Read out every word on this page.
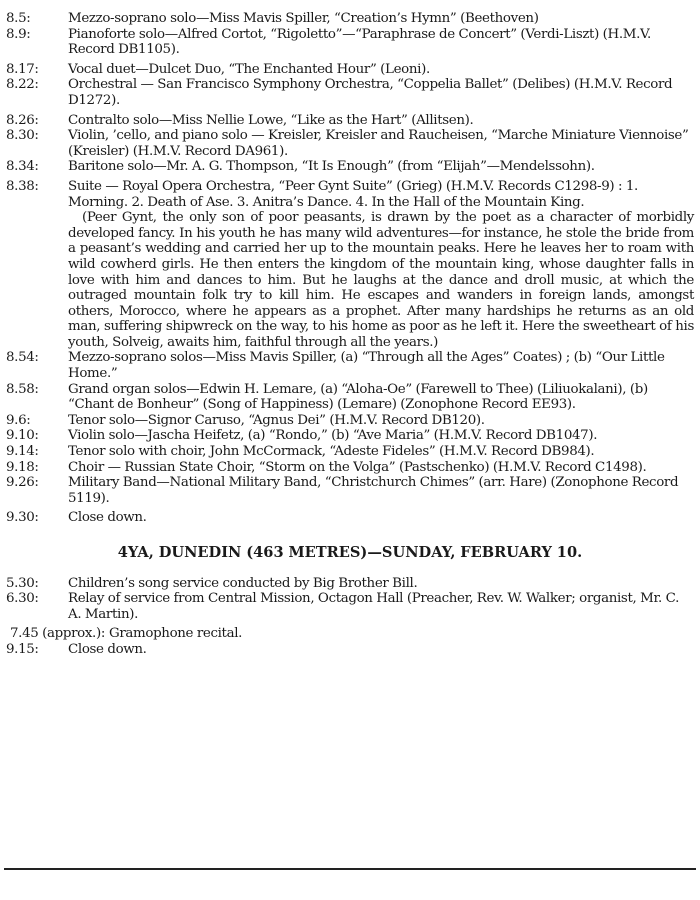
8.5:	Mezzo-soprano solo—Miss Mavis Spiller, “Creation’s Hymn” (Beethoven)

8.9:	Pianoforte solo—Alfred Cortot, “Rigoletto”—“Paraphrase de Concert” (Verdi-Liszt) (H.M.V. Record DB1105).

8.17:	Vocal duet—Dulcet Duo, “The Enchanted Hour” (Leoni).

8.22:	Orchestral — San Francisco Symphony Orchestra, “Coppelia Ballet” (Delibes) (H.M.V. Record D1272).

8.26:	Contralto solo—Miss Nellie Lowe, “Like as the Hart” (Allitsen).

8.30:	Violin, ’cello, and piano solo — Kreisler, Kreisler and Raucheisen, “Marche Miniature Viennoise” (Kreisler) (H.M.V. Record DA961).

8.34:	Baritone solo—Mr. A. G. Thompson, “It Is Enough” (from “Elijah”—Mendelssohn).

8.38:	Suite — Royal Opera Orchestra, “Peer Gynt Suite” (Grieg) (H.M.V. Records C1298-9) : 1. Morning. 2. Death of Ase. 3. Anitra’s Dance. 4. In the Hall of the Mountain King.
(Peer Gynt, the only son of poor peasants, is drawn by the poet as a character of morbidly developed fancy. In his youth he has many wild adventures—for instance, he stole the bride from a peasant’s wedding and carried her up to the mountain peaks. Here he leaves her to roam with wild cowherd girls. He then enters the kingdom of the mountain king, whose daughter falls in love with him and dances to him. But he laughs at the dance and droll music, at which the outraged mountain folk try to kill him. He escapes and wanders in foreign lands, amongst others, Morocco, where he appears as a prophet. After many hardships he returns as an old man, suffering shipwreck on the way, to his home as poor as he left it. Here the sweetheart of his youth, Solveig, awaits him, faithful through all the years.)

8.54:	Mezzo-soprano solos—Miss Mavis Spiller, (a) “Through all the Ages” Coates) ; (b) “Our Little Home.”

8.58:	Grand organ solos—Edwin H. Lemare, (a) “Aloha-Oe” (Farewell to Thee) (Liliuokalani), (b) “Chant de Bonheur” (Song of Happiness) (Lemare) (Zonophone Record EE93).

9.6:	Tenor solo—Signor Caruso, “Agnus Dei” (H.M.V. Record DB120).

9.10:	Violin solo—Jascha Heifetz, (a) “Rondo,” (b) “Ave Maria” (H.M.V. Record DB1047).

9.14:	Tenor solo with choir, John McCormack, “Adeste Fideles” (H.M.V. Record DB984).

9.18:	Choir — Russian State Choir, “Storm on the Volga” (Pastschenko) (H.M.V. Record C1498).

9.26:	Military Band—National Military Band, “Christchurch Chimes” (arr. Hare) (Zonophone Record 5119).

9.30:	Close down.

4YA, DUNEDIN (463 METRES)—SUNDAY, FEBRUARY 10.

5.30:	Children’s song service conducted by Big Brother Bill.

6.30:	Relay of service from Central Mission, Octagon Hall (Preacher, Rev. W. Walker; organist, Mr. C. A. Martin).

7.45 (approx.): Gramophone recital.

9.15:	Close down.
